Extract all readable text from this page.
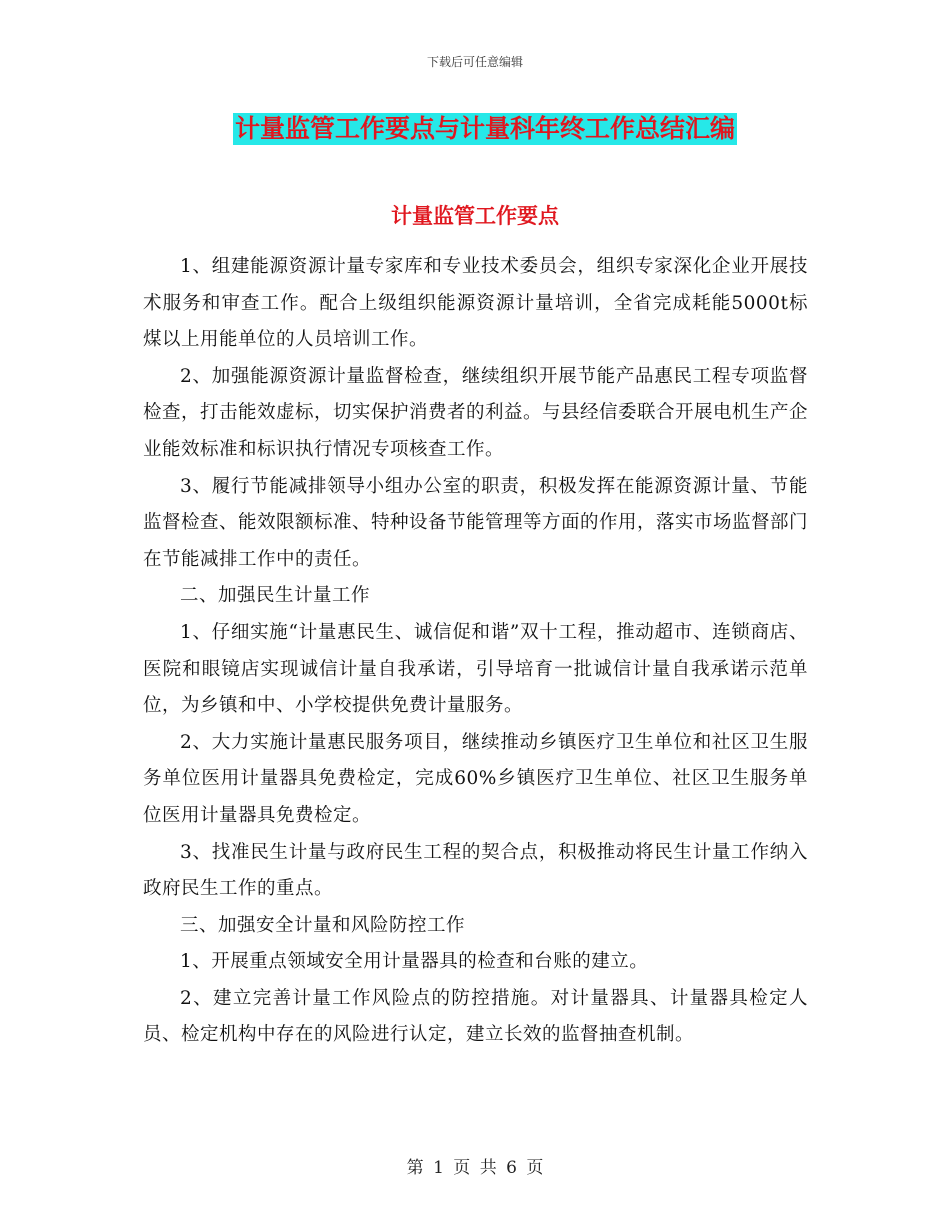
下载后可任意编辑
计量监管工作要点与计量科年终工作总结汇编
计量监管工作要点

1、组建能源资源计量专家库和专业技术委员会，组织专家深化企业开展技术服务和审查工作。配合上级组织能源资源计量培训，全省完成耗能5000t标煤以上用能单位的人员培训工作。

2、加强能源资源计量监督检查，继续组织开展节能产品惠民工程专项监督检查，打击能效虚标，切实保护消费者的利益。与县经信委联合开展电机生产企业能效标准和标识执行情况专项核查工作。

3、履行节能减排领导小组办公室的职责，积极发挥在能源资源计量、节能监督检查、能效限额标准、特种设备节能管理等方面的作用，落实市场监督部门在节能减排工作中的责任。

二、加强民生计量工作

1、仔细实施“计量惠民生、诚信促和谐”双十工程，推动超市、连锁商店、医院和眼镜店实现诚信计量自我承诺，引导培育一批诚信计量自我承诺示范单位，为乡镇和中、小学校提供免费计量服务。

2、大力实施计量惠民服务项目，继续推动乡镇医疗卫生单位和社区卫生服务单位医用计量器具免费检定，完成60%乡镇医疗卫生单位、社区卫生服务单位医用计量器具免费检定。

3、找准民生计量与政府民生工程的契合点，积极推动将民生计量工作纳入政府民生工作的重点。

三、加强安全计量和风险防控工作

1、开展重点领域安全用计量器具的检查和台账的建立。

2、建立完善计量工作风险点的防控措施。对计量器具、计量器具检定人员、检定机构中存在的风险进行认定，建立长效的监督抽查机制。

第 1 页 共 6 页
